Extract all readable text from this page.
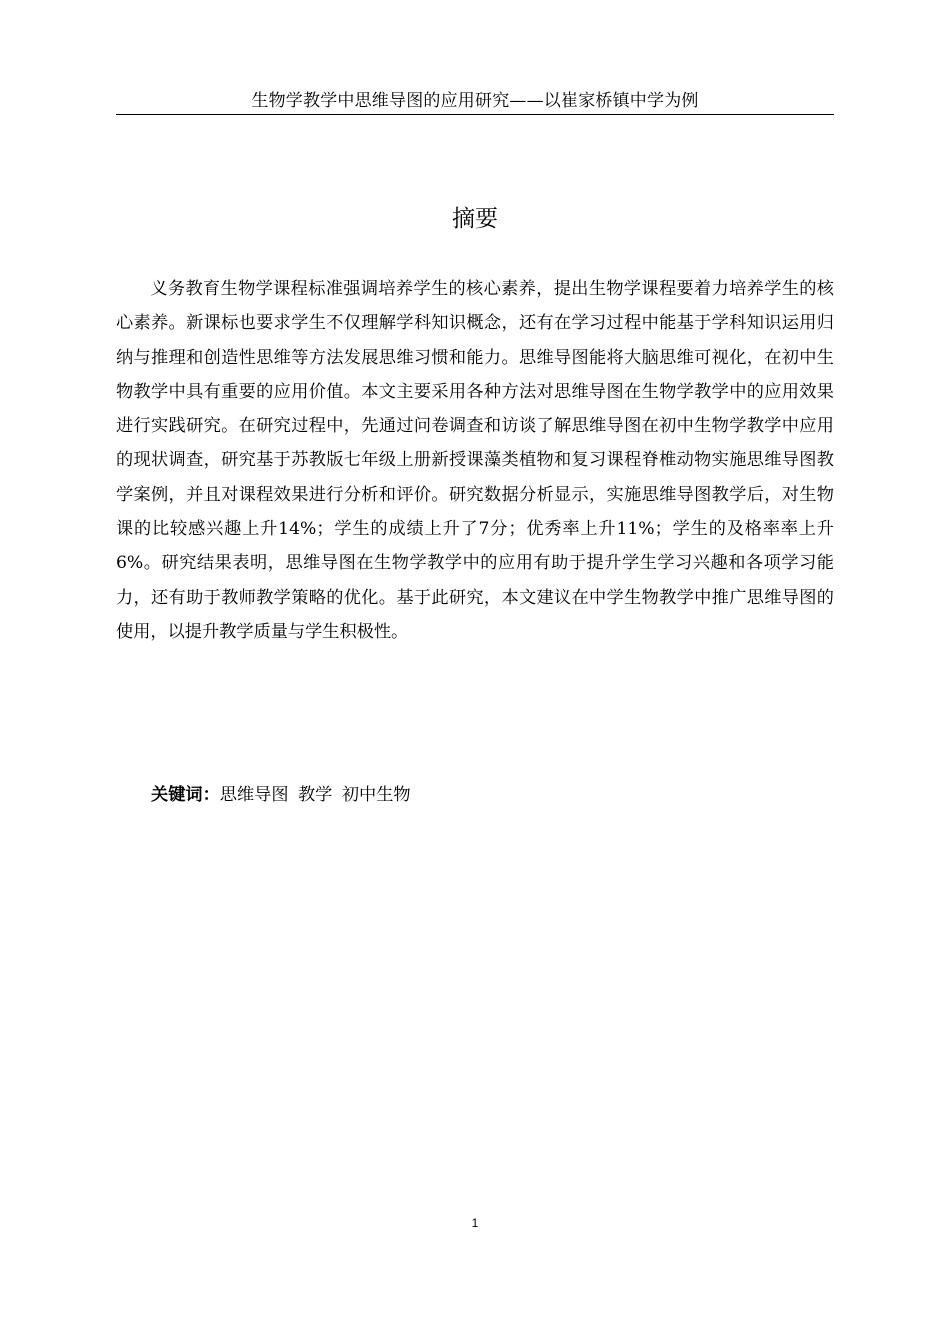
生物学教学中思维导图的应用研究——以崔家桥镇中学为例
摘要

义务教育生物学课程标准强调培养学生的核心素养，提出生物学课程要着力培养学生的核心素养。新课标也要求学生不仅理解学科知识概念，还有在学习过程中能基于学科知识运用归纳与推理和创造性思维等方法发展思维习惯和能力。思维导图能将大脑思维可视化，在初中生物教学中具有重要的应用价值。本文主要采用各种方法对思维导图在生物学教学中的应用效果进行实践研究。在研究过程中，先通过问卷调查和访谈了解思维导图在初中生物学教学中应用的现状调查，研究基于苏教版七年级上册新授课藻类植物和复习课程脊椎动物实施思维导图教学案例，并且对课程效果进行分析和评价。研究数据分析显示，实施思维导图教学后，对生物课的比较感兴趣上升14%；学生的成绩上升了7分；优秀率上升11%；学生的及格率率上升6%。研究结果表明，思维导图在生物学教学中的应用有助于提升学生学习兴趣和各项学习能力，还有助于教师教学策略的优化。基于此研究，本文建议在中学生物教学中推广思维导图的使用，以提升教学质量与学生积极性。

关键词：思维导图 教学 初中生物
1
